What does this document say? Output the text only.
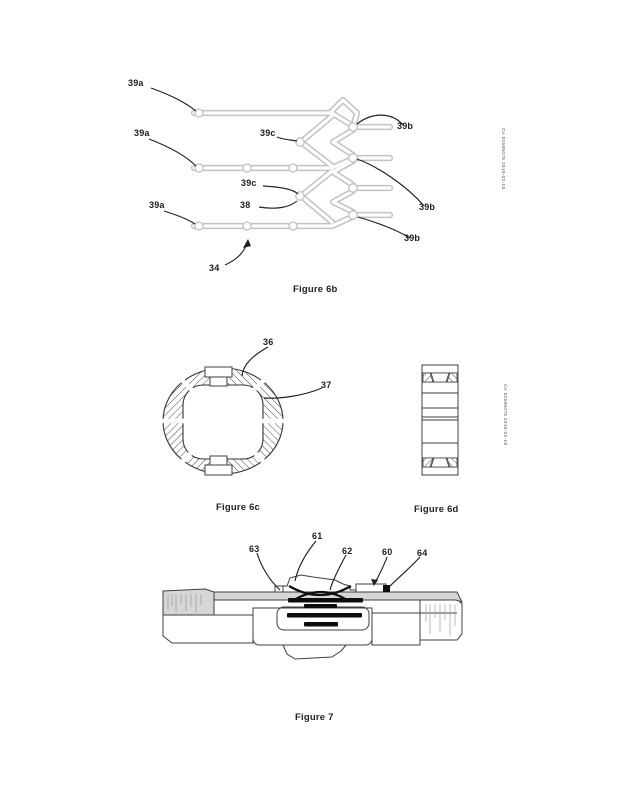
39a
39a
39a
39c
39c
38
39b
39b
39b
34
36
37
63
61
62	60	64
Figure 6b
Figure 6c	Figure 6d
Figure 7
CA 02695076 2010-02-18
CA 02695076 2010-02-18
